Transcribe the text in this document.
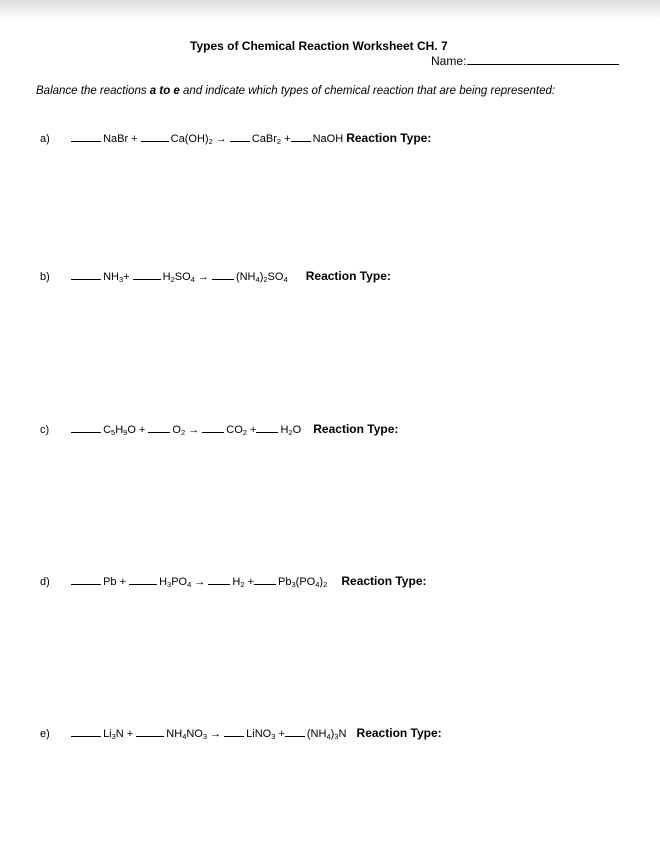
Types of Chemical Reaction Worksheet CH. 7
Name:
Balance the reactions a to e and indicate which types of chemical reaction that are being represented:
a)	NaBr +	$Ca(OH)_2$ → CaBr$_2$ + NaOH Reaction Type:
b)	$NH_3+$	$H_2SO_4 \to (NH_4)_2SO_4$ Reaction Type:
c)	$C_5H_9O + O_2 \to CO_2 + H_2O$ Reaction Type:
d)	Pb +	$H_3PO_4 \to H_2 + Pb_3(PO_4)_2$ Reaction Type:
e)	$Li_3N$ +	$NH_4NO_3$ → LiNO$_3$ + $(NH_4)_3N$ Reaction Type:
